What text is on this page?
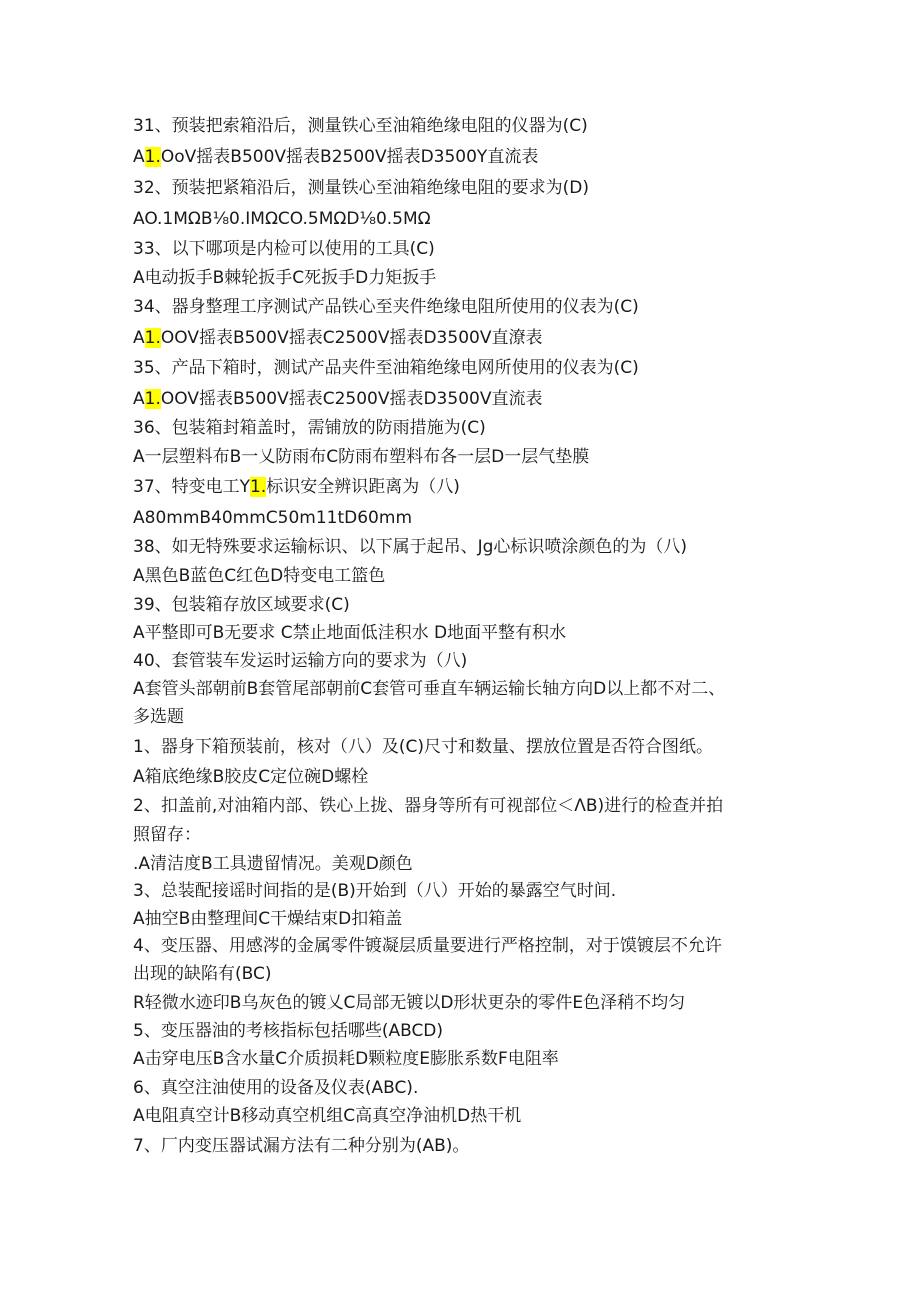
31、预装把索箱沿后，测量铁心至油箱绝缘电阻的仪器为(C)
A1.OoV摇表B500V摇表B2500V摇表D3500Y直流表
32、预装把紧箱沿后，测量铁心至油箱绝缘电阻的要求为(D)
AO.1MΩB⅛0.IMΩCO.5MΩD⅛0.5MΩ
33、以下哪项是内检可以使用的工具(C)
A电动扳手B棘轮扳手C死扳手D力矩扳手
34、器身整理工序测试产品铁心至夹件绝缘电阻所使用的仪表为(C)
A1.OOV摇表B500V摇表C2500V摇表D3500V直潦表
35、产品下箱时，测试产品夹件至油箱绝缘电网所使用的仪表为(C)
A1.OOV摇表B500V摇表C2500V摇表D3500V直流表
36、包装箱封箱盖时，需铺放的防雨措施为(C)
A一层塑料布B一乂防雨布C防雨布塑料布各一层D一层气垫膜
37、特变电工Y1.标识安全辨识距离为（八)
A80mmB40mmC50m11tD60mm
38、如无特殊要求运输标识、以下属于起吊、Jg心标识喷涂颜色的为（八)
A黑色B蓝色C红色D特变电工篮色
39、包装箱存放区域要求(C)
A平整即可B无要求 C禁止地面低洼积水 D地面平整有积水
40、套管装车发运时运输方向的要求为（八)
A套管头部朝前B套管尾部朝前C套管可垂直车辆运输长轴方向D以上都不对二、
多选题
1、器身下箱预装前，核对（八）及(C)尺寸和数量、摆放位置是否符合图纸。
A箱底绝缘B胶皮C定位碗D螺栓
2、扣盖前,对油箱内部、铁心上拢、器身等所有可视部位＜ΛB)进行的检查并拍
照留存：
.A清洁度B工具遗留情况。美观D颜色
3、总装配接谣时间指的是(B)开始到（八）开始的暴露空气时间.
A抽空B由整理间C干燥结束D扣箱盖
4、变压器、用感涔的金属零件镀凝层质量要进行严格控制，对于馍镀层不允许
出现的缺陷有(BC)
R轻微水迹印B乌灰色的镀乂C局部无镀以D形状更杂的零件E色泽稍不均匀
5、变压器油的考核指标包括哪些(ABCD)
A击穿电压B含水量C介质损耗D颗粒度E膨胀系数F电阻率
6、真空注油使用的设备及仪表(ABC).
A电阻真空计B移动真空机组C高真空净油机D热干机
7、厂内变压器试漏方法有二种分别为(AB)。
